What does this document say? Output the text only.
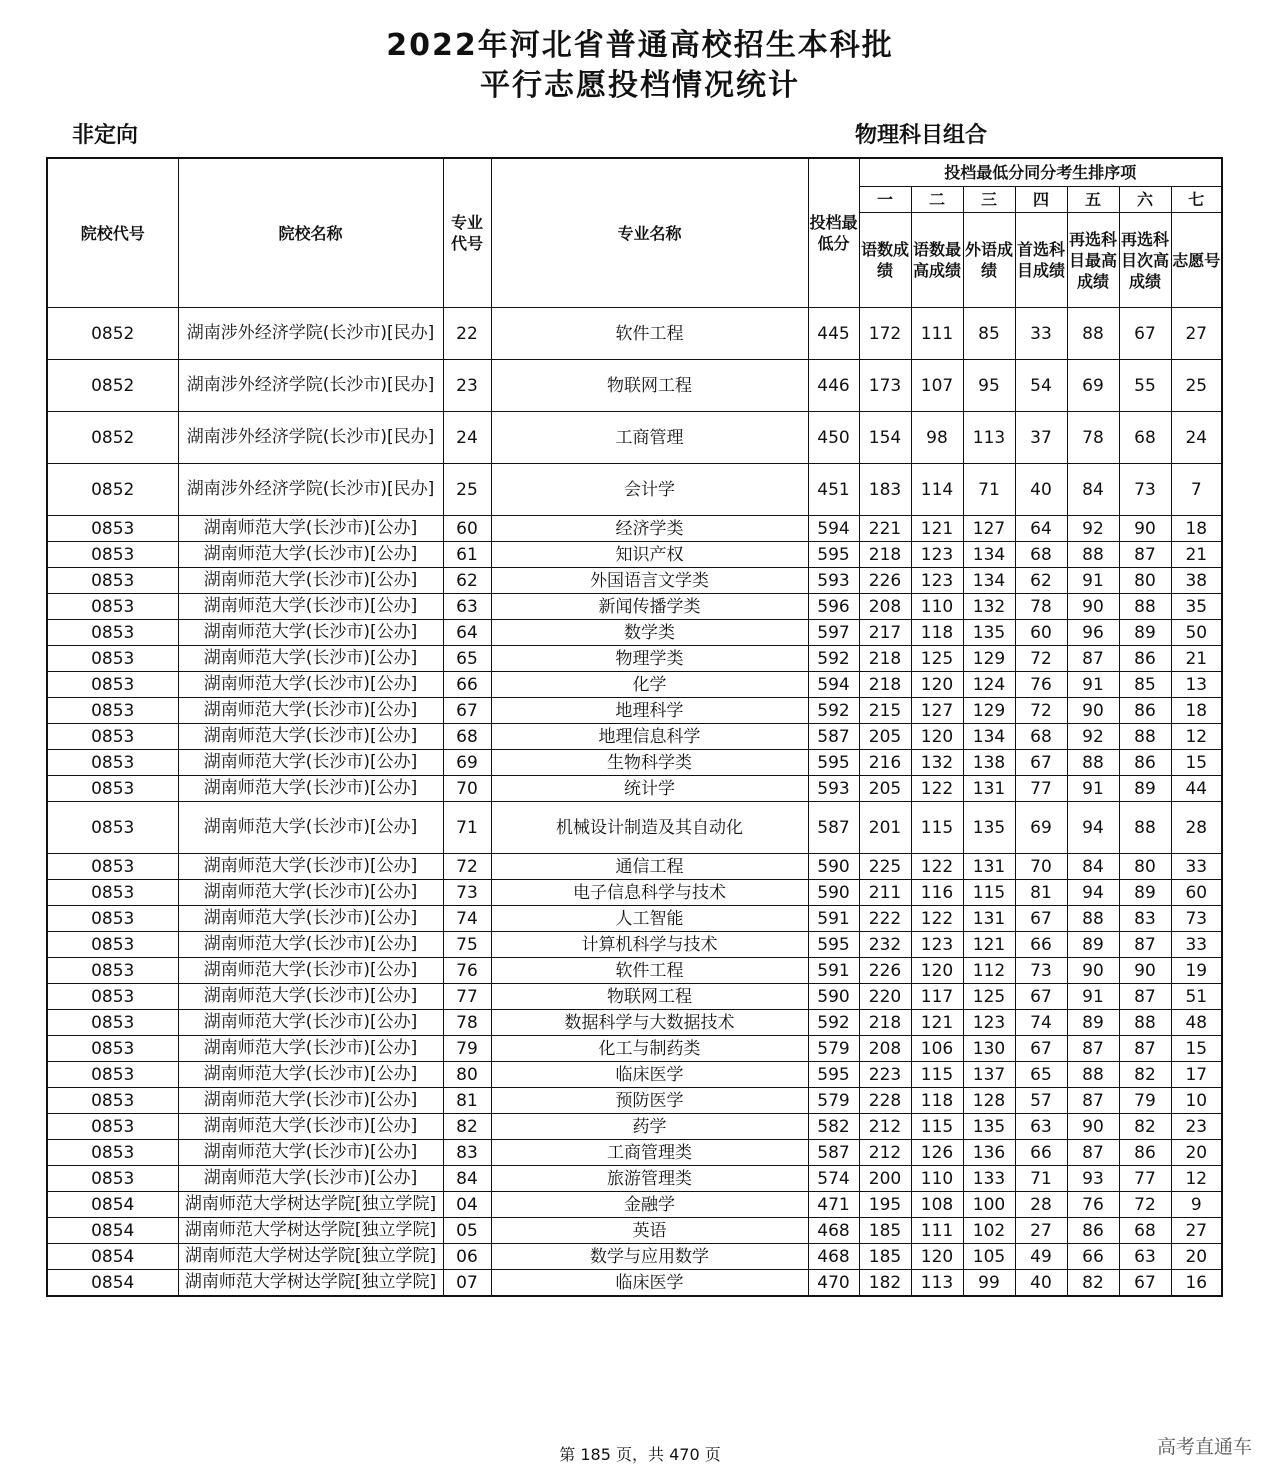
2022年河北省普通高校招生本科批
平行志愿投档情况统计
非定向	物理科目组合
院校代号	院校名称	专业代号	专业名称	投档最低分	投档最低分同分考生排序项						
					一	二	三	四	五	六	七
					语数成绩	语数最高成绩	外语成绩	首选科目成绩	再选科目最高成绩	再选科目次高成绩	志愿号
0852	湖南涉外经济学院(长沙市)[民办]	22	软件工程	445	172	111	85	33	88	67	27
0852	湖南涉外经济学院(长沙市)[民办]	23	物联网工程	446	173	107	95	54	69	55	25
0852	湖南涉外经济学院(长沙市)[民办]	24	工商管理	450	154	98	113	37	78	68	24
0852	湖南涉外经济学院(长沙市)[民办]	25	会计学	451	183	114	71	40	84	73	7
0853	湖南师范大学(长沙市)[公办]	60	经济学类	594	221	121	127	64	92	90	18
0853	湖南师范大学(长沙市)[公办]	61	知识产权	595	218	123	134	68	88	87	21
0853	湖南师范大学(长沙市)[公办]	62	外国语言文学类	593	226	123	134	62	91	80	38
0853	湖南师范大学(长沙市)[公办]	63	新闻传播学类	596	208	110	132	78	90	88	35
0853	湖南师范大学(长沙市)[公办]	64	数学类	597	217	118	135	60	96	89	50
0853	湖南师范大学(长沙市)[公办]	65	物理学类	592	218	125	129	72	87	86	21
0853	湖南师范大学(长沙市)[公办]	66	化学	594	218	120	124	76	91	85	13
0853	湖南师范大学(长沙市)[公办]	67	地理科学	592	215	127	129	72	90	86	18
0853	湖南师范大学(长沙市)[公办]	68	地理信息科学	587	205	120	134	68	92	88	12
0853	湖南师范大学(长沙市)[公办]	69	生物科学类	595	216	132	138	67	88	86	15
0853	湖南师范大学(长沙市)[公办]	70	统计学	593	205	122	131	77	91	89	44
0853	湖南师范大学(长沙市)[公办]	71	机械设计制造及其自动化	587	201	115	135	69	94	88	28
0853	湖南师范大学(长沙市)[公办]	72	通信工程	590	225	122	131	70	84	80	33
0853	湖南师范大学(长沙市)[公办]	73	电子信息科学与技术	590	211	116	115	81	94	89	60
0853	湖南师范大学(长沙市)[公办]	74	人工智能	591	222	122	131	67	88	83	73
0853	湖南师范大学(长沙市)[公办]	75	计算机科学与技术	595	232	123	121	66	89	87	33
0853	湖南师范大学(长沙市)[公办]	76	软件工程	591	226	120	112	73	90	90	19
0853	湖南师范大学(长沙市)[公办]	77	物联网工程	590	220	117	125	67	91	87	51
0853	湖南师范大学(长沙市)[公办]	78	数据科学与大数据技术	592	218	121	123	74	89	88	48
0853	湖南师范大学(长沙市)[公办]	79	化工与制药类	579	208	106	130	67	87	87	15
0853	湖南师范大学(长沙市)[公办]	80	临床医学	595	223	115	137	65	88	82	17
0853	湖南师范大学(长沙市)[公办]	81	预防医学	579	228	118	128	57	87	79	10
0853	湖南师范大学(长沙市)[公办]	82	药学	582	212	115	135	63	90	82	23
0853	湖南师范大学(长沙市)[公办]	83	工商管理类	587	212	126	136	66	87	86	20
0853	湖南师范大学(长沙市)[公办]	84	旅游管理类	574	200	110	133	71	93	77	12
0854	湖南师范大学树达学院[独立学院]	04	金融学	471	195	108	100	28	76	72	9
0854	湖南师范大学树达学院[独立学院]	05	英语	468	185	111	102	27	86	68	27
0854	湖南师范大学树达学院[独立学院]	06	数学与应用数学	468	185	120	105	49	66	63	20
0854	湖南师范大学树达学院[独立学院]	07	临床医学	470	182	113	99	40	82	67	16
第 185 页，共 470 页	高考直通车
